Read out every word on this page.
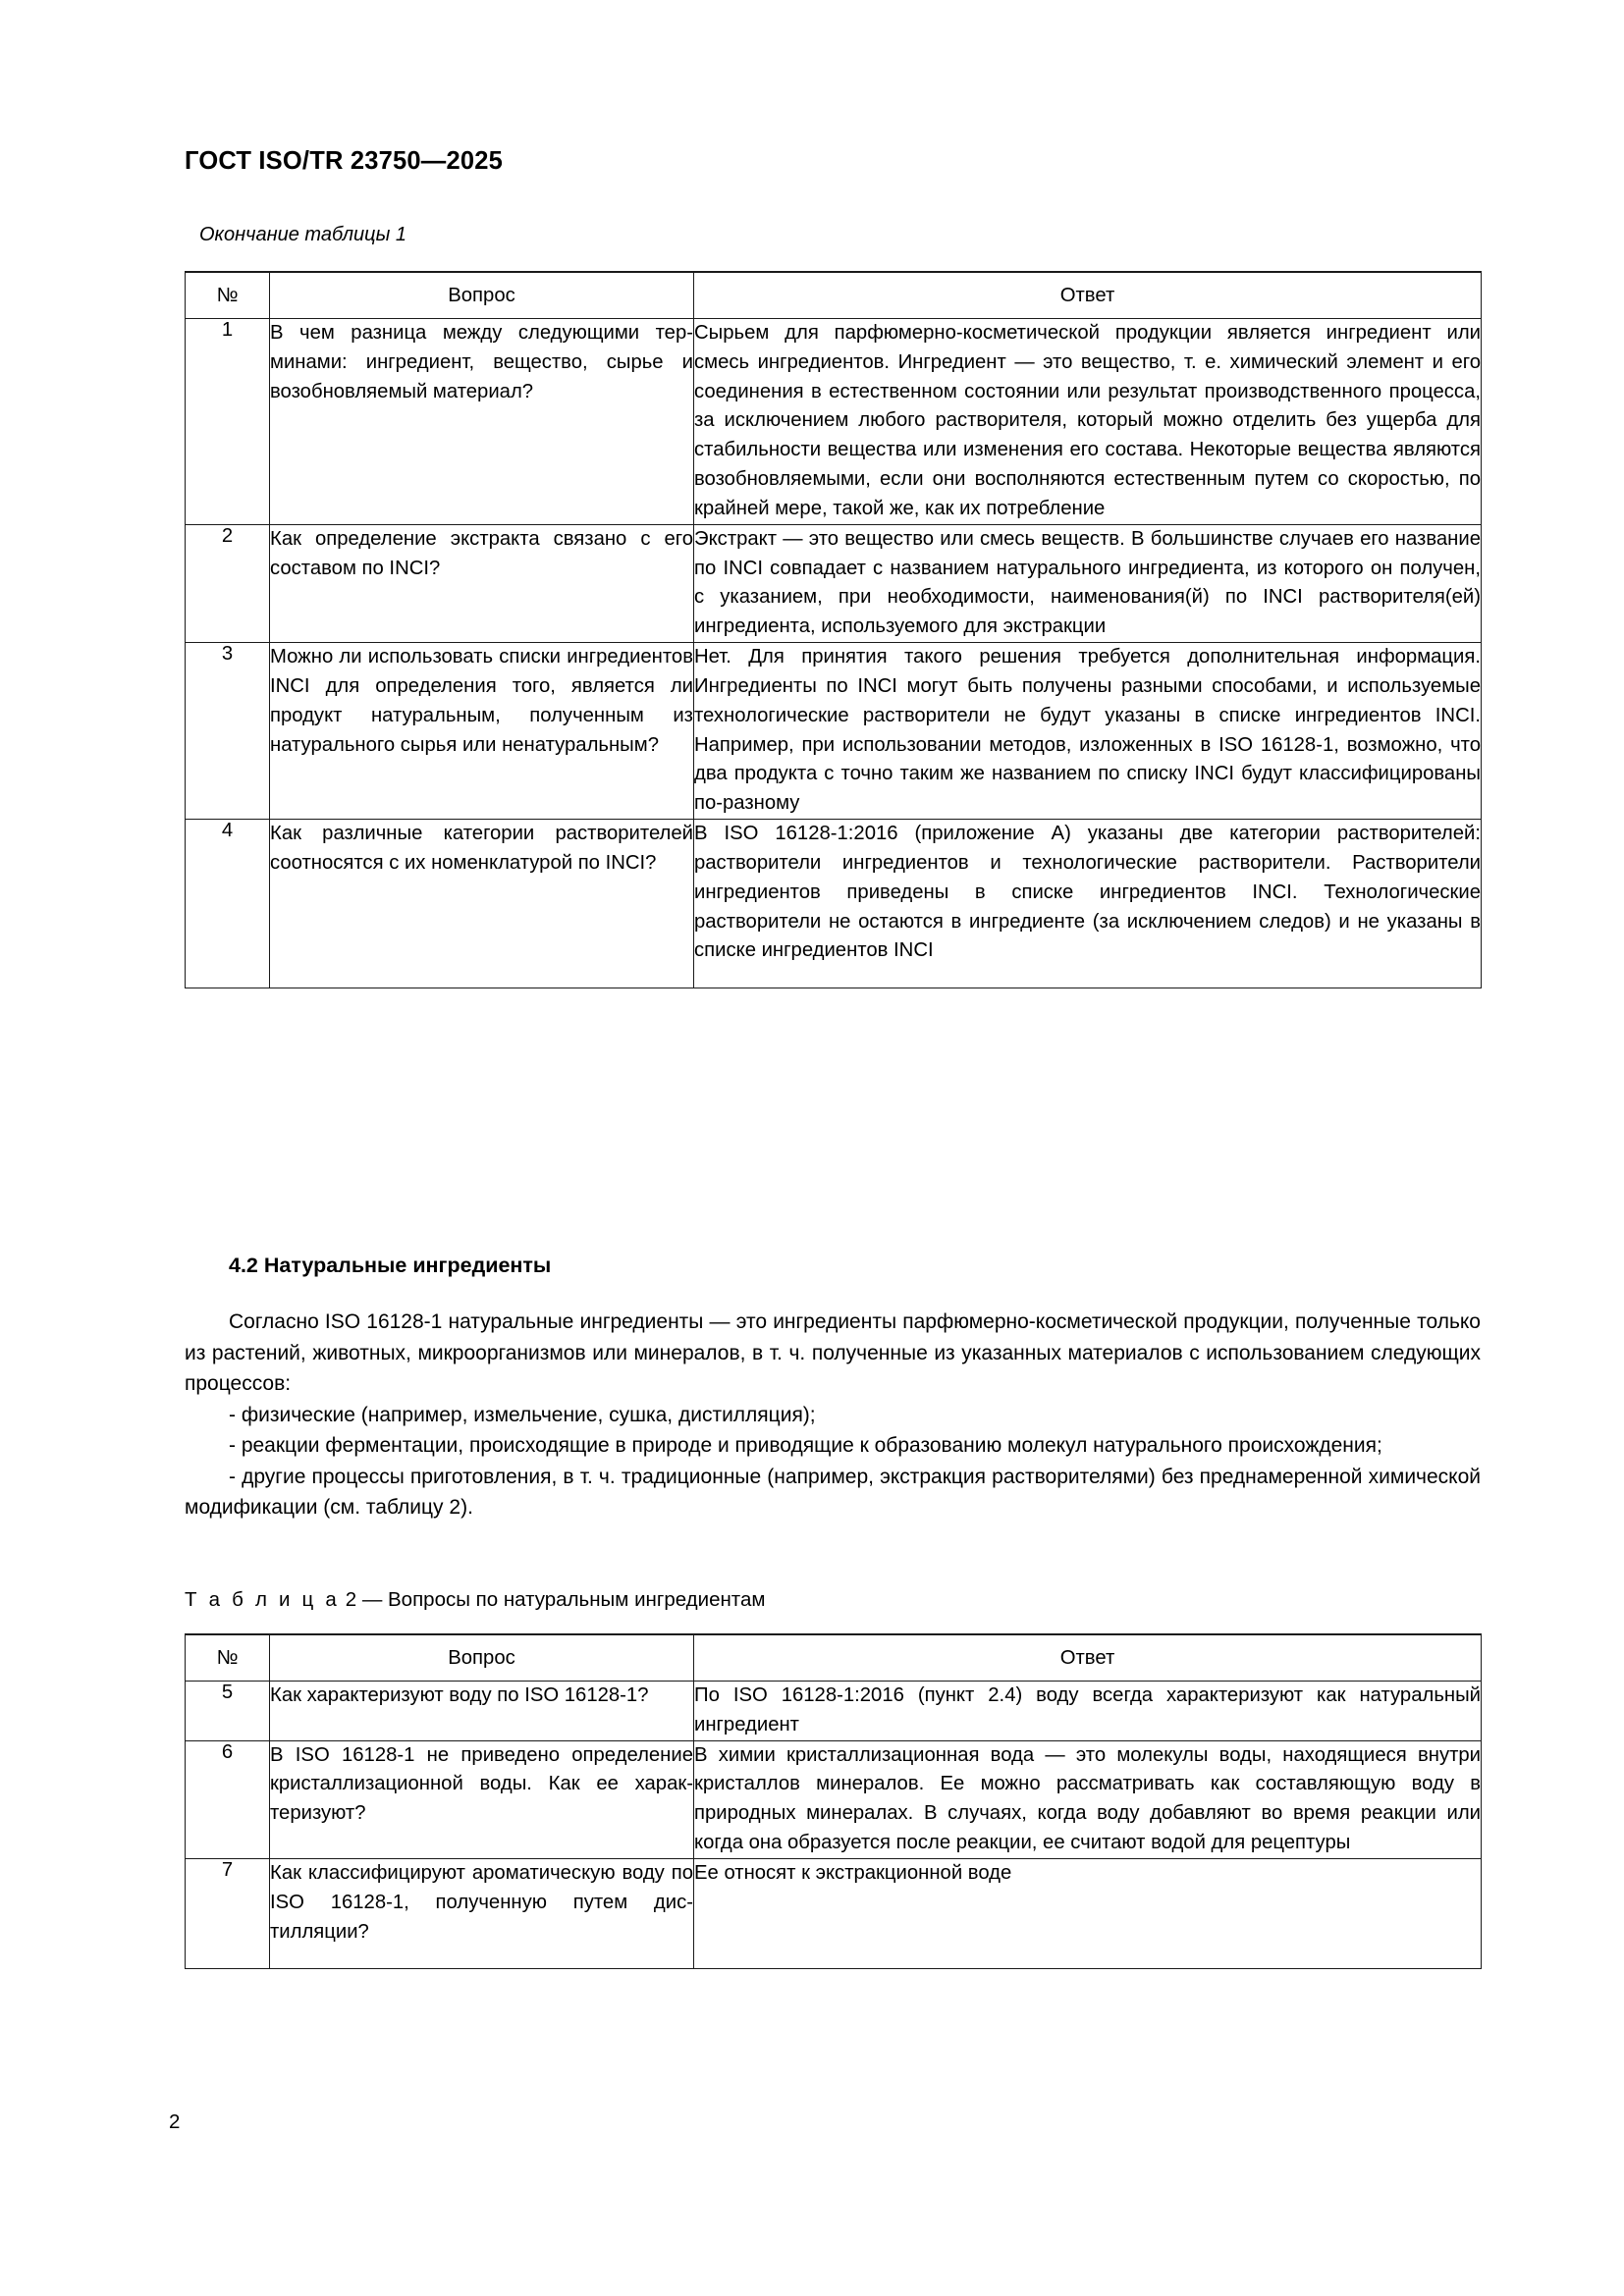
ГОСТ ISO/TR 23750—2025
Окончание таблицы 1
№	Вопрос	Ответ
1	В чем разница между следующими терминами: ингредиент, вещество, сырье и возобновляемый материал?	Сырьем для парфюмерно-косметической продукции является ингредиент или смесь ингредиентов. Ингредиент — это вещество, т. е. химический элемент и его соединения в естественном состоянии или результат производственного процесса, за исключением любого растворителя, который можно отделить без ущерба для стабильности вещества или изменения его состава. Некоторые вещества являются возобновляемыми, если они восполняются естественным путем со скоростью, по крайней мере, такой же, как их потребление
2	Как определение экстракта связано с его составом по INCI?	Экстракт — это вещество или смесь веществ. В большинстве случаев его название по INCI совпадает с названием натурального ингредиента, из которого он получен, с указанием, при необходимости, наименования(й) по INCI растворителя(ей) ингредиента, используемого для экстракции
3	Можно ли использовать списки ингредиентов INCI для определения того, является ли продукт натуральным, полученным из натурального сырья или ненатуральным?	Нет. Для принятия такого решения требуется дополнительная информация. Ингредиенты по INCI могут быть получены разными способами, и используемые технологические растворители не будут указаны в списке ингредиентов INCI. Например, при использовании методов, изложенных в ISO 16128-1, возможно, что два продукта с точно таким же названием по списку INCI будут классифицированы по-разному
4	Как различные категории растворителей соотносятся с их номенклатурой по INCI?	В ISO 16128-1:2016 (приложение А) указаны две категории растворителей: растворители ингредиентов и технологические растворители. Растворители ингредиентов приведены в списке ингредиентов INCI. Технологические растворители не остаются в ингредиенте (за исключением следов) и не указаны в списке ингредиентов INCI
4.2 Натуральные ингредиенты

Согласно ISO 16128-1 натуральные ингредиенты — это ингредиенты парфюмерно-косметической продукции, полученные только из растений, животных, микроорганизмов или минералов, в т. ч. полученные из указанных материалов с использованием следующих процессов:

- физические (например, измельчение, сушка, дистилляция);

- реакции ферментации, происходящие в природе и приводящие к образованию молекул натурального происхождения;

- другие процессы приготовления, в т. ч. традиционные (например, экстракция растворителями) без преднамеренной химической модификации (см. таблицу 2).

Т а б л и ц а 2 — Вопросы по натуральным ингредиентам
№	Вопрос	Ответ
5	Как характеризуют воду по ISO 16128-1?	По ISO 16128-1:2016 (пункт 2.4) воду всегда характеризуют как натуральный ингредиент
6	В ISO 16128-1 не приведено определение кристаллизационной воды. Как ее характеризуют?	В химии кристаллизационная вода — это молекулы воды, находящиеся внутри кристаллов минералов. Ее можно рассматривать как составляющую воду в природных минералах. В случаях, когда воду добавляют во время реакции или когда она образуется после реакции, ее считают водой для рецептуры
7	Как классифицируют ароматическую воду по ISO 16128-1, полученную путем дистилляции?	Ее относят к экстракционной воде
2
